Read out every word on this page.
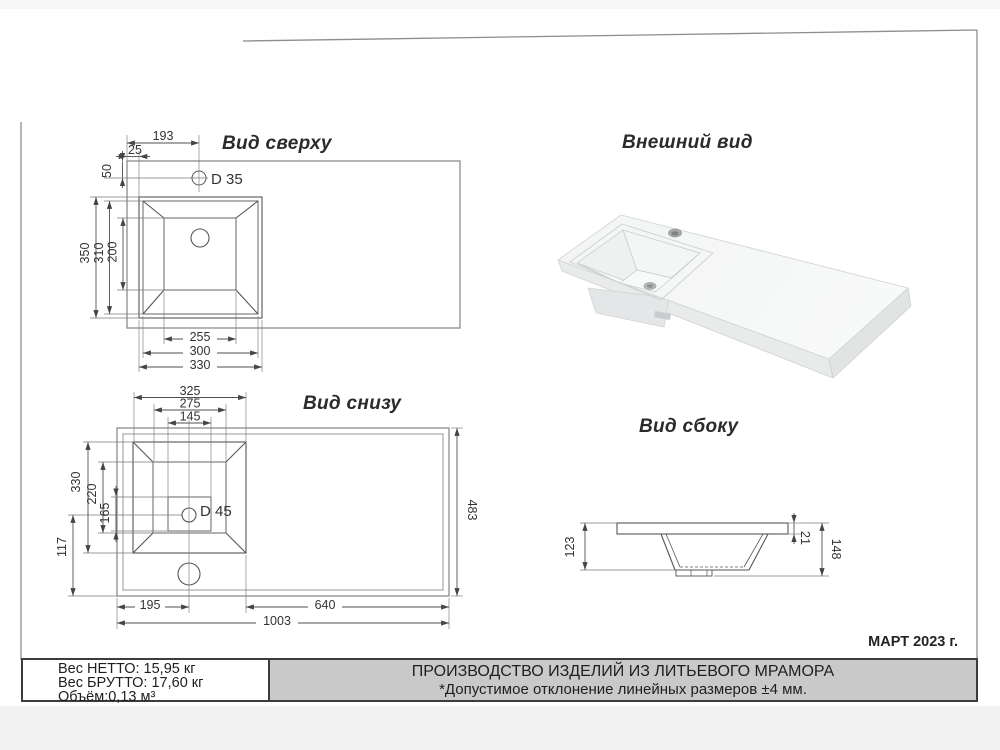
193
25
50	D 35
350 310 200
255
300
330
325
275
145
330
220
165
117
D 45
195	640
1003
483
123	21
148
Вид сверху	Внешний вид
Вид снизу
Вид сбоку
МАРТ 2023 г.
Вес НЕТТО: 15,95 кг
Вес БРУТТО: 17,60 кг
Объём:0,13 м³
ПРОИЗВОДСТВО ИЗДЕЛИЙ ИЗ ЛИТЬЕВОГО МРАМОРА
*Допустимое отклонение линейных размеров ±4 мм.
